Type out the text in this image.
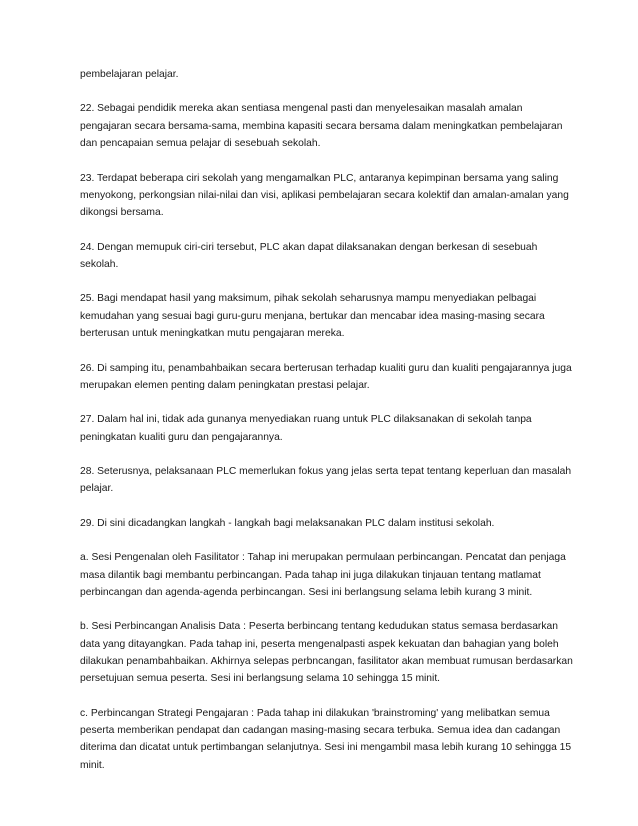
pembelajaran pelajar.

22. Sebagai pendidik mereka akan sentiasa mengenal pasti dan menyelesaikan masalah amalan pengajaran secara bersama-sama, membina kapasiti secara bersama dalam meningkatkan pembelajaran dan pencapaian semua pelajar di sesebuah sekolah.

23. Terdapat beberapa ciri sekolah yang mengamalkan PLC, antaranya kepimpinan bersama yang saling menyokong, perkongsian nilai-nilai dan visi, aplikasi pembelajaran secara kolektif dan amalan-amalan yang dikongsi bersama.

24. Dengan memupuk ciri-ciri tersebut, PLC akan dapat dilaksanakan dengan berkesan di sesebuah sekolah.

25. Bagi mendapat hasil yang maksimum, pihak sekolah seharusnya mampu menyediakan pelbagai kemudahan yang sesuai bagi guru-guru menjana, bertukar dan mencabar idea masing-masing secara berterusan untuk meningkatkan mutu pengajaran mereka.

26. Di samping itu, penambahbaikan secara berterusan terhadap kualiti guru dan kualiti pengajarannya juga merupakan elemen penting dalam peningkatan prestasi pelajar.

27. Dalam hal ini, tidak ada gunanya menyediakan ruang untuk PLC dilaksanakan di sekolah tanpa peningkatan kualiti guru dan pengajarannya.

28. Seterusnya, pelaksanaan PLC memerlukan fokus yang jelas serta tepat tentang keperluan dan masalah pelajar.

29. Di sini dicadangkan langkah - langkah bagi melaksanakan PLC dalam institusi sekolah.

a. Sesi Pengenalan oleh Fasilitator : Tahap ini merupakan permulaan perbincangan. Pencatat dan penjaga masa dilantik bagi membantu perbincangan. Pada tahap ini juga dilakukan tinjauan tentang matlamat perbincangan dan agenda-agenda perbincangan. Sesi ini berlangsung selama lebih kurang 3 minit.

b. Sesi Perbincangan Analisis Data : Peserta berbincang tentang kedudukan status semasa berdasarkan data yang ditayangkan. Pada tahap ini, peserta mengenalpasti aspek kekuatan dan bahagian yang boleh dilakukan penambahbaikan. Akhirnya selepas perbncangan, fasilitator akan membuat rumusan berdasarkan persetujuan semua peserta. Sesi ini berlangsung selama 10 sehingga 15 minit.

c. Perbincangan Strategi Pengajaran : Pada tahap ini dilakukan 'brainstroming' yang melibatkan semua peserta memberikan pendapat dan cadangan masing-masing secara terbuka. Semua idea dan cadangan diterima dan dicatat untuk pertimbangan selanjutnya. Sesi ini mengambil masa lebih kurang 10 sehingga 15 minit.
